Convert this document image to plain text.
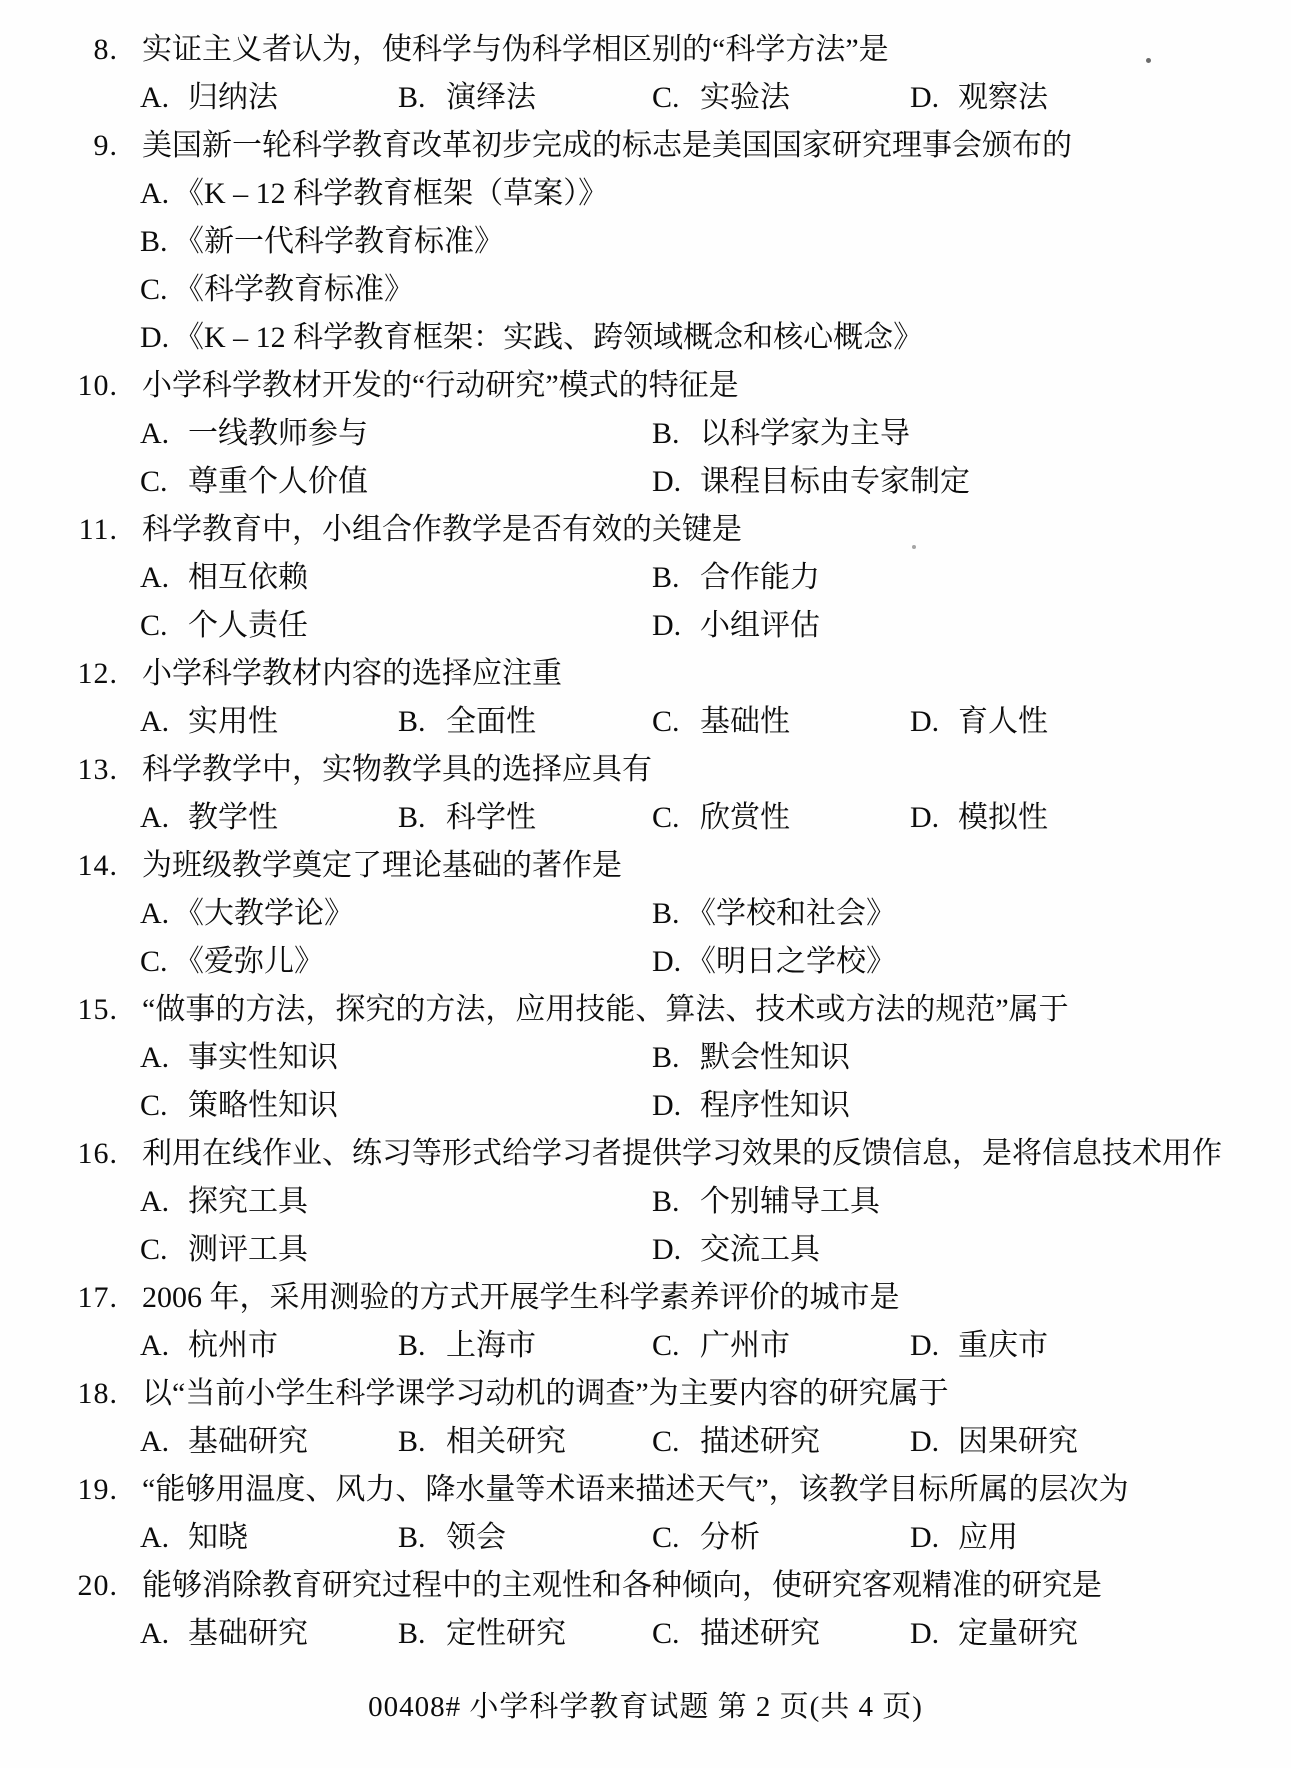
8. 实证主义者认为，使科学与伪科学相区别的“科学方法”是
A. 归纳法	B. 演绎法	C. 实验法	D. 观察法
9. 美国新一轮科学教育改革初步完成的标志是美国国家研究理事会颁布的
A. 《K – 12 科学教育框架（草案）》
B. 《新一代科学教育标准》
C. 《科学教育标准》
D. 《K – 12 科学教育框架：实践、跨领域概念和核心概念》
10. 小学科学教材开发的“行动研究”模式的特征是
A. 一线教师参与	B. 以科学家为主导
C. 尊重个人价值	D. 课程目标由专家制定
11. 科学教育中，小组合作教学是否有效的关键是
A. 相互依赖	B. 合作能力
C. 个人责任	D. 小组评估
12. 小学科学教材内容的选择应注重
A. 实用性	B. 全面性	C. 基础性	D. 育人性
13. 科学教学中，实物教学具的选择应具有
A. 教学性	B. 科学性	C. 欣赏性	D. 模拟性
14. 为班级教学奠定了理论基础的著作是
A. 《大教学论》	B. 《学校和社会》
C. 《爱弥儿》	D. 《明日之学校》
15. “做事的方法，探究的方法，应用技能、算法、技术或方法的规范”属于
A. 事实性知识	B. 默会性知识
C. 策略性知识	D. 程序性知识
16. 利用在线作业、练习等形式给学习者提供学习效果的反馈信息，是将信息技术用作
A. 探究工具	B. 个别辅导工具
C. 测评工具	D. 交流工具
17. 2006 年，采用测验的方式开展学生科学素养评价的城市是
A. 杭州市	B. 上海市	C. 广州市	D. 重庆市
18. 以“当前小学生科学课学习动机的调查”为主要内容的研究属于
A. 基础研究	B. 相关研究	C. 描述研究	D. 因果研究
19. “能够用温度、风力、降水量等术语来描述天气”，该教学目标所属的层次为
A. 知晓	B. 领会	C. 分析	D. 应用
20. 能够消除教育研究过程中的主观性和各种倾向，使研究客观精准的研究是
A. 基础研究	B. 定性研究	C. 描述研究	D. 定量研究
00408# 小学科学教育试题 第 2 页(共 4 页)
